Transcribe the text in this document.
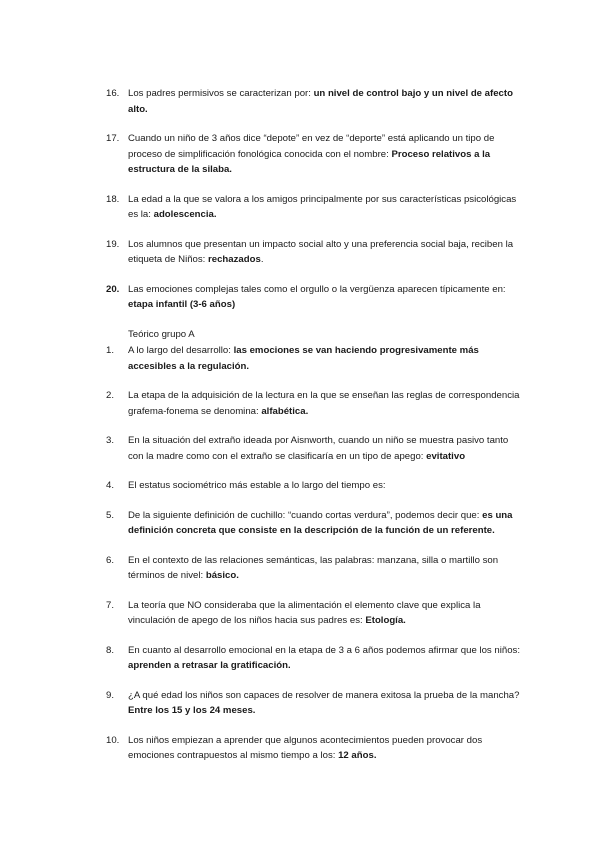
16. Los padres permisivos se caracterizan por: un nivel de control bajo y un nivel de afecto alto.
17. Cuando un niño de 3 años dice “depote” en vez de “deporte” está aplicando un tipo de proceso de simplificación fonológica conocida con el nombre: Proceso relativos a la estructura de la silaba.
18. La edad a la que se valora a los amigos principalmente por sus características psicológicas es la: adolescencia.
19. Los alumnos que presentan un impacto social alto y una preferencia social baja, reciben la etiqueta de Niños: rechazados.
20. Las emociones complejas tales como el orgullo o la vergüenza aparecen típicamente en: etapa infantil (3-6 años)
Teórico grupo A
1.	A lo largo del desarrollo: las emociones se van haciendo progresivamente más accesibles a la regulación.
2.	La etapa de la adquisición de la lectura en la que se enseñan las reglas de correspondencia grafema-fonema se denomina: alfabética.
3.	En la situación del extraño ideada por Aisnworth, cuando un niño se muestra pasivo tanto con la madre como con el extraño se clasificaría en un tipo de apego: evitativo
4.	El estatus sociométrico más estable a lo largo del tiempo es:
5.	De la siguiente definición de cuchillo: “cuando cortas verdura”, podemos decir que: es una definición concreta que consiste en la descripción de la función de un referente.
6.	En el contexto de las relaciones semánticas, las palabras: manzana, silla o martillo son términos de nivel: básico.
7.	La teoría que NO consideraba que la alimentación el elemento clave que explica la vinculación de apego de los niños hacia sus padres es: Etología.
8.	En cuanto al desarrollo emocional en la etapa de 3 a 6 años podemos afirmar que los niños: aprenden a retrasar la gratificación.
9.	¿A qué edad los niños son capaces de resolver de manera exitosa la prueba de la mancha? Entre los 15 y los 24 meses.
10. Los niños empiezan a aprender que algunos acontecimientos pueden provocar dos emociones contrapuestos al mismo tiempo a los: 12 años.
